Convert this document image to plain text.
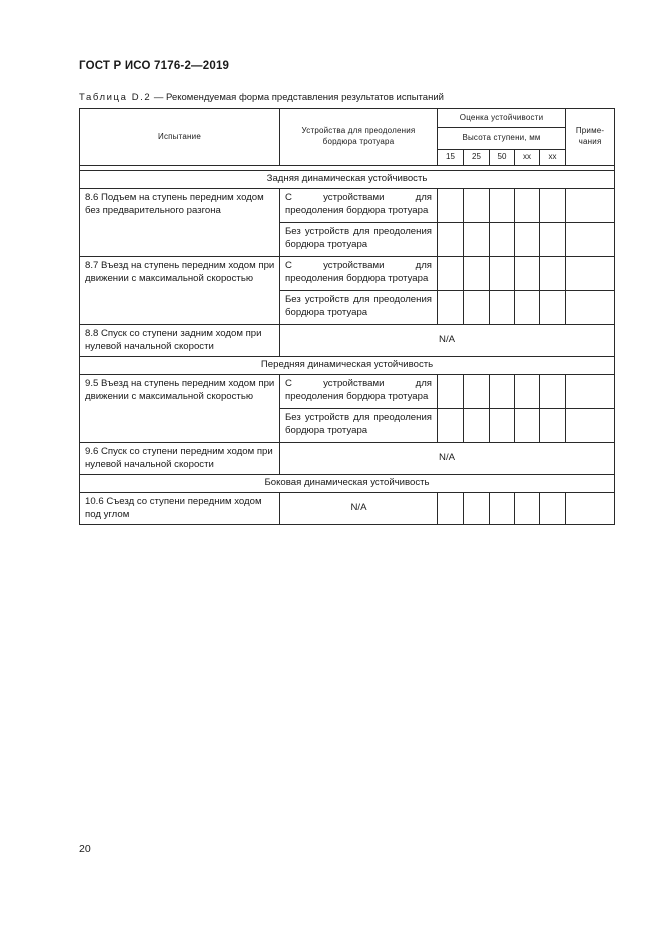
ГОСТ Р ИСО 7176-2—2019
Таблица D.2 — Рекомендуемая форма представления результатов испытаний
Испытание	Устройства для преодоления бордюра тротуара	Оценка устойчивости					Приме-чания
		Высота ступени, мм					
		15	25	50	xx	xx	

Задняя динамическая устойчивость							
8.6 Подъем на ступень передним ходом без предварительного разгона	С устройствами для преодоления бордюра тротуара						
	Без устройств для преодоления бордюра тротуара						
8.7 Въезд на ступень передним ходом при движении с максимальной скоростью	С устройствами для преодоления бордюра тротуара						
	Без устройств для преодоления бордюра тротуара						
8.8 Спуск со ступени задним ходом при нулевой начальной скорости	N/A						
Передняя динамическая устойчивость							
9.5 Въезд на ступень передним ходом при движении с максимальной скоростью	С устройствами для преодоления бордюра тротуара						
	Без устройств для преодоления бордюра тротуара						
9.6 Спуск со ступени передним ходом при нулевой начальной скорости	N/A						
Боковая динамическая устойчивость							
10.6 Съезд со ступени передним ходом под углом	N/A						
20
